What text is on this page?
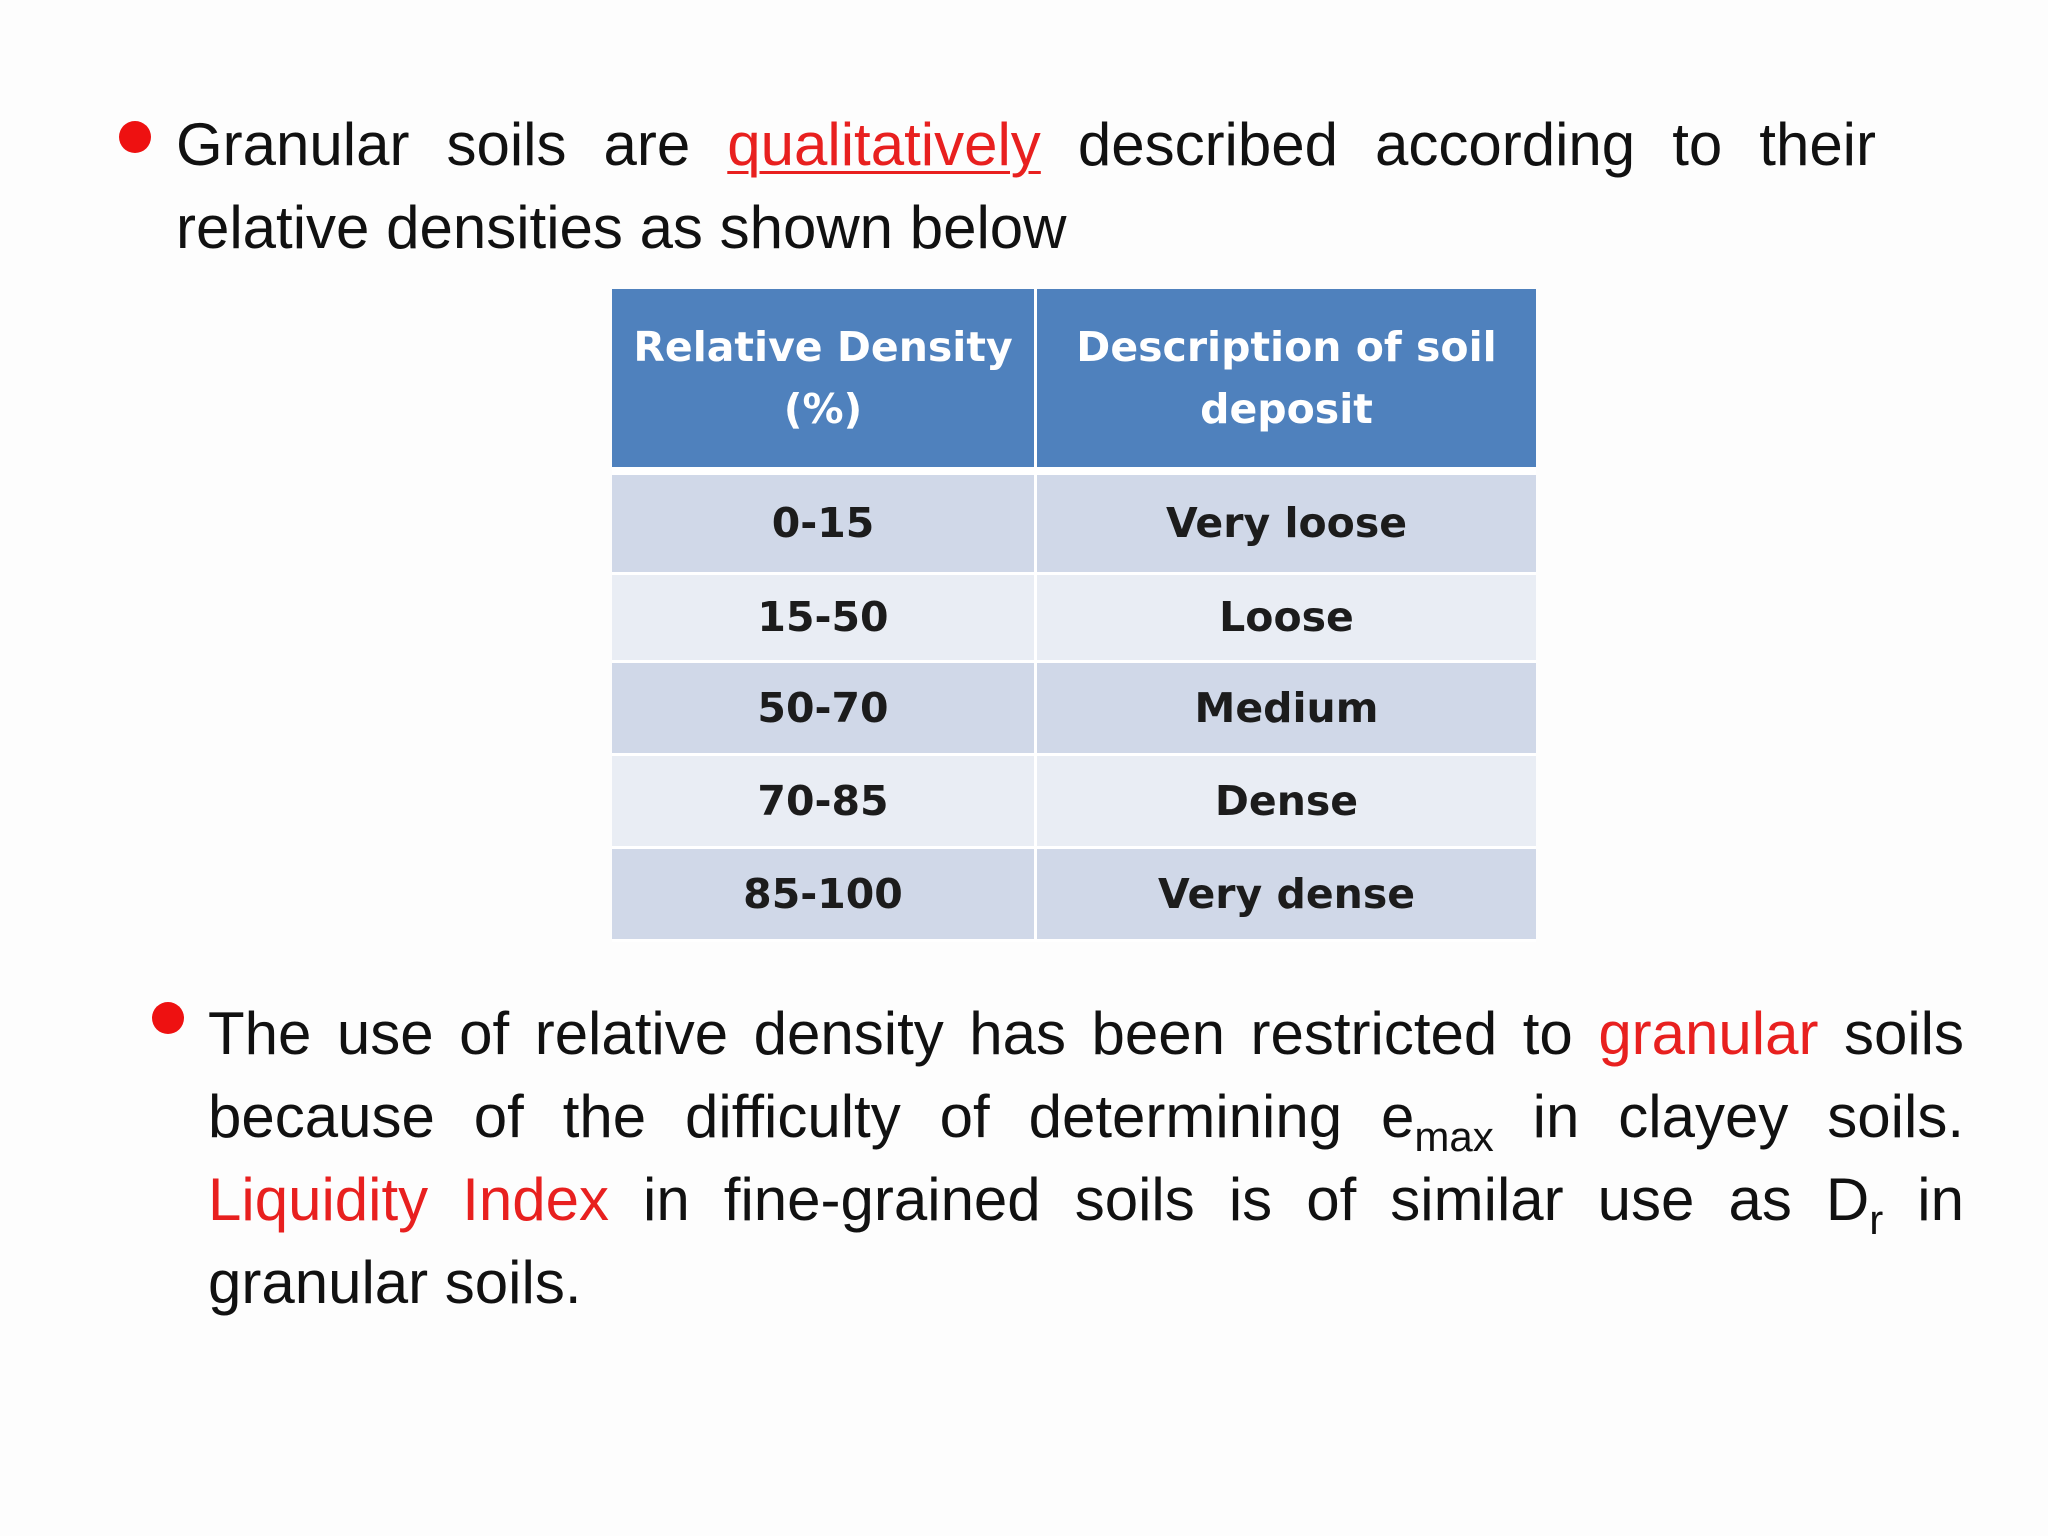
Granular soils are qualitatively described according to their relative densities as shown below

Relative Density (%)	Description of soil deposit
0-15	Very loose
15-50	Loose
50-70	Medium
70-85	Dense
85-100	Very dense

The use of relative density has been restricted to granular soils because of the difficulty of determining $e_{max}$ in clayey soils. Liquidity Index in fine-grained soils is of similar use as $D_r$ in granular soils.
